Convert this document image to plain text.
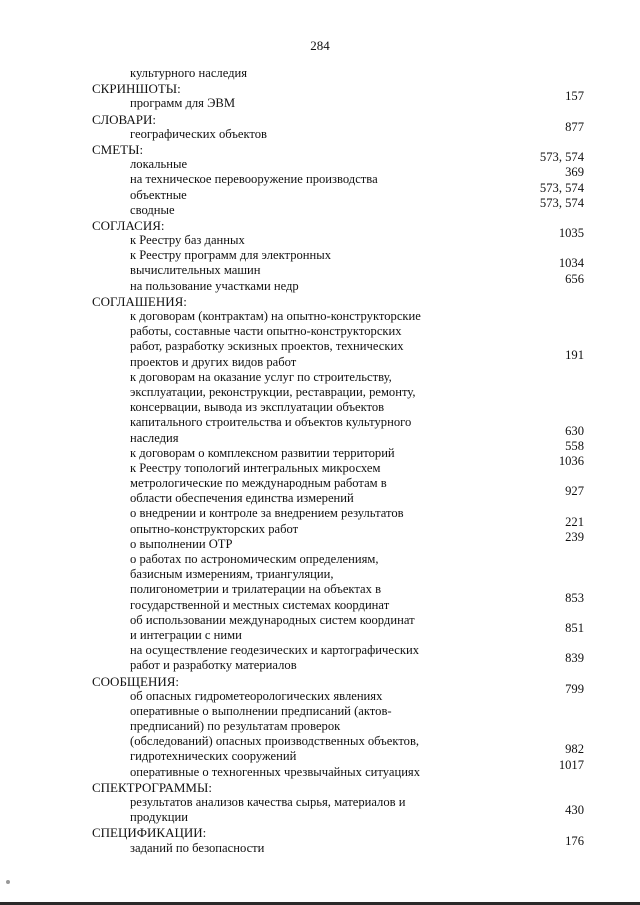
284
культурного наследия
СКРИНШОТЫ:
программ для ЭВМ	157
СЛОВАРИ:
географических объектов	877
СМЕТЫ:
локальные	573, 574
на техническое перевооружение производства	369
объектные	573, 574
сводные	573, 574
СОГЛАСИЯ:
к Реестру баз данных	1035
к Реестру программ для электронных
вычислительных машин	1034
на пользование участками недр	656
СОГЛАШЕНИЯ:
к договорам (контрактам) на опытно-конструкторские
работы, составные части опытно-конструкторских
работ, разработку эскизных проектов, технических
проектов и других видов работ	191
к договорам на оказание услуг по строительству,
эксплуатации, реконструкции, реставрации, ремонту,
консервации, вывода из эксплуатации объектов
капитального строительства и объектов культурного
наследия	630
к договорам о комплексном развитии территорий	558
к Реестру топологий интегральных микросхем	1036
метрологические по международным работам в
области обеспечения единства измерений	927
о внедрении и контроле за внедрением результатов
опытно-конструкторских работ	221
о выполнении ОТР	239
о работах по астрономическим определениям,
базисным измерениям, триангуляции,
полигонометрии и трилатерации на объектах в
государственной и местных системах координат	853
об использовании международных систем координат
и интеграции с ними	851
на осуществление геодезических и картографических
работ и разработку материалов	839
СООБЩЕНИЯ:
об опасных гидрометеорологических явлениях	799
оперативные о выполнении предписаний (актов-
предписаний) по результатам проверок
(обследований) опасных производственных объектов,
гидротехнических сооружений	982
оперативные о техногенных чрезвычайных ситуациях	1017
СПЕКТРОГРАММЫ:
результатов анализов качества сырья, материалов и
продукции	430
СПЕЦИФИКАЦИИ:
заданий по безопасности	176
